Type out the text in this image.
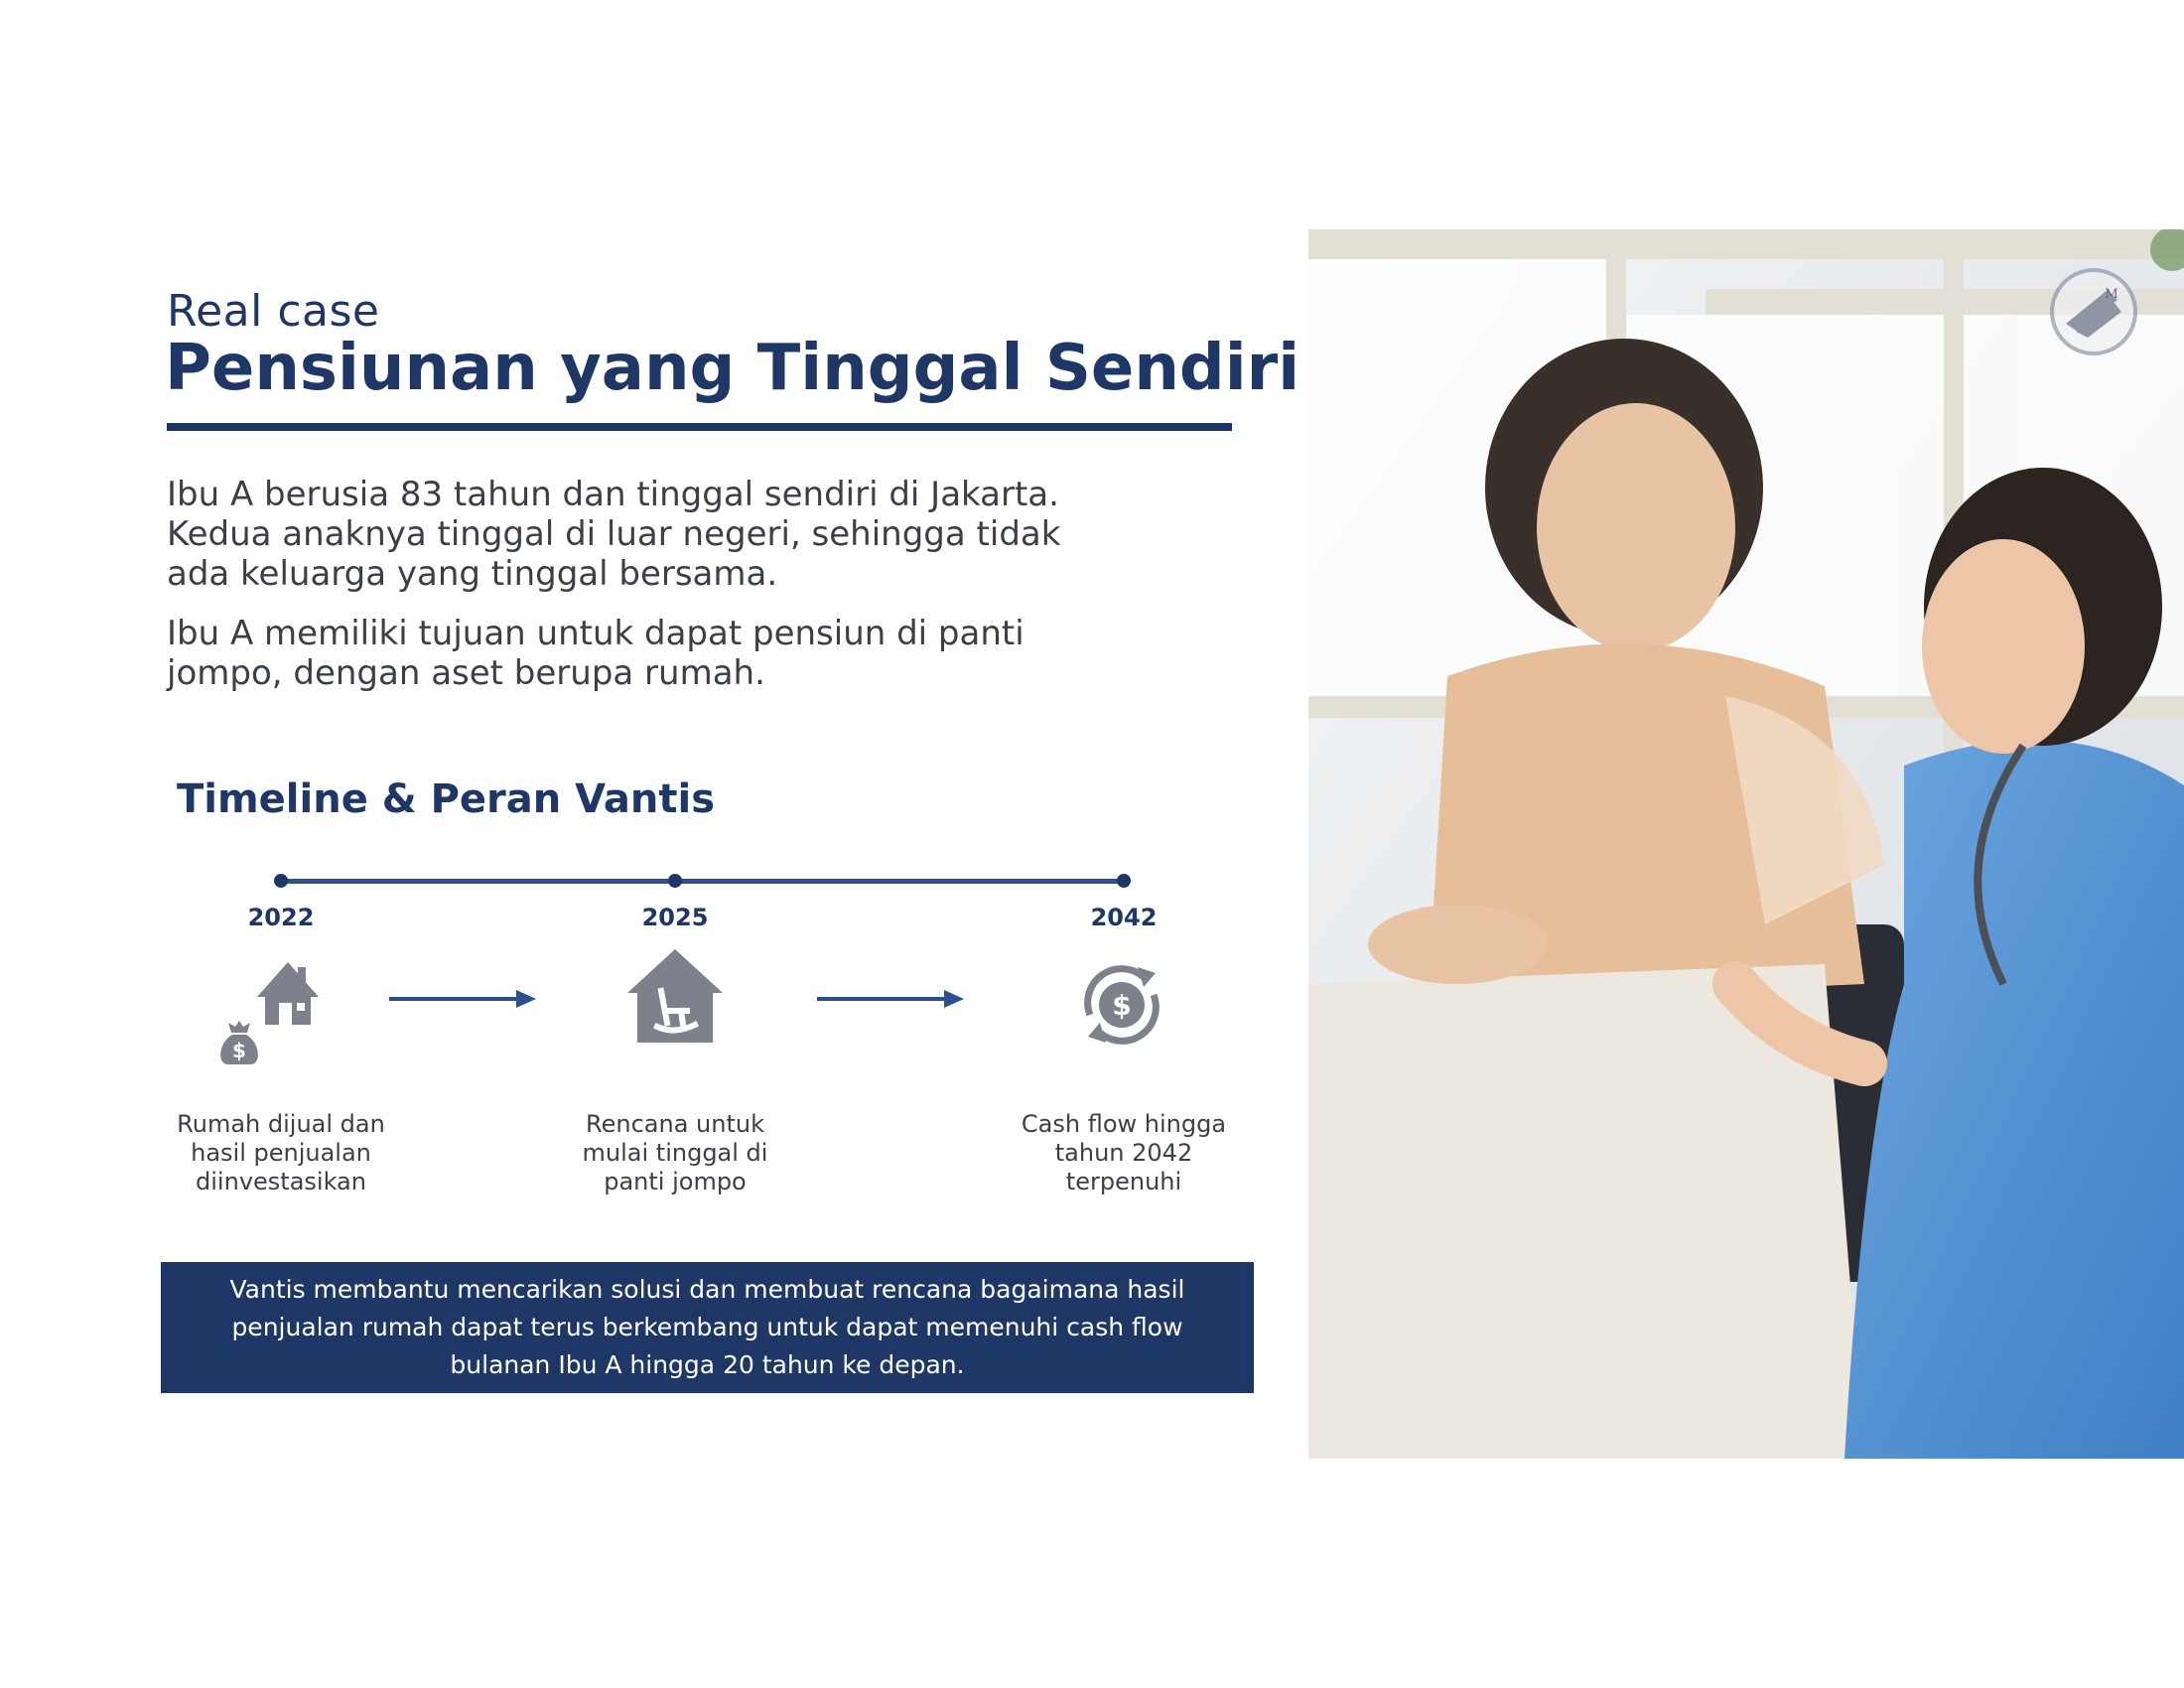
Real case
Pensiunan yang Tinggal Sendiri
Ibu A berusia 83 tahun dan tinggal sendiri di Jakarta.
Kedua anaknya tinggal di luar negeri, sehingga tidak
ada keluarga yang tinggal bersama.
Ibu A memiliki tujuan untuk dapat pensiun di panti
jompo, dengan aset berupa rumah.
Timeline & Peran Vantis
2022	2025	2042
$
$
Rumah dijual dan
hasil penjualan
diinvestasikan
Rencana untuk
mulai tinggal di
panti jompo
Cash flow hingga
tahun 2042
terpenuhi
Vantis membantu mencarikan solusi dan membuat rencana bagaimana hasil
penjualan rumah dapat terus berkembang untuk dapat memenuhi cash flow
bulanan Ibu A hingga 20 tahun ke depan.
M
